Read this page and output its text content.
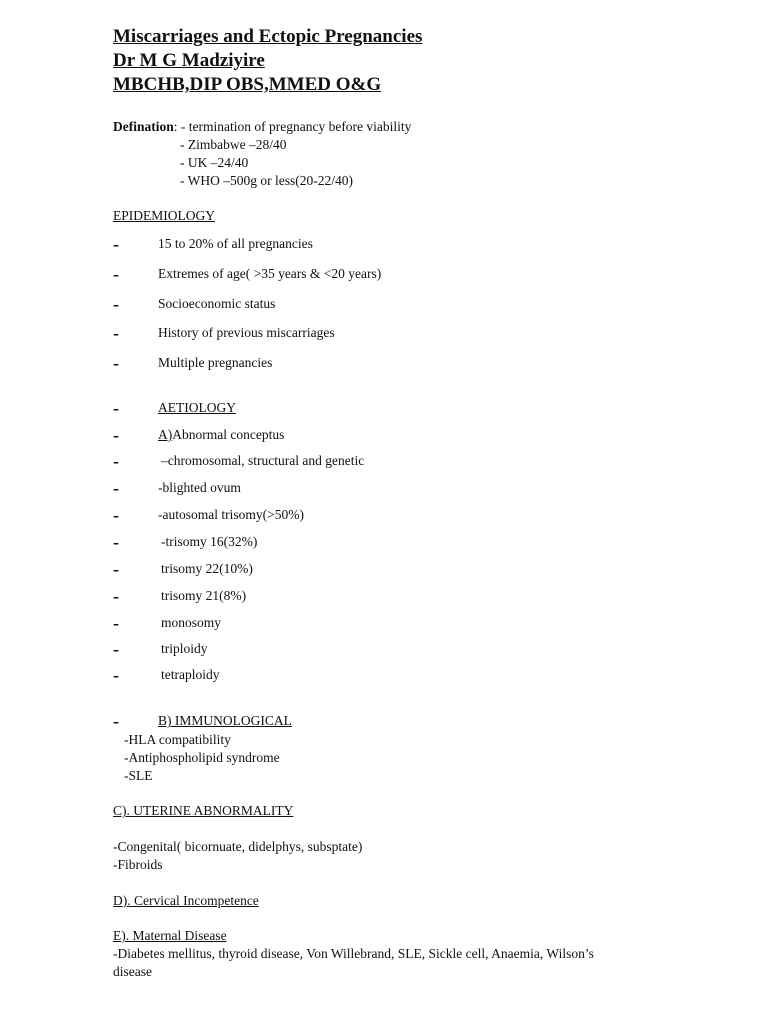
Miscarriages and Ectopic Pregnancies
Dr M G Madziyire
MBCHB,DIP OBS,MMED O&G
Defination: - termination of pregnancy before viability
- Zimbabwe –28/40
- UK –24/40
- WHO –500g or less(20-22/40)
EPIDEMIOLOGY
-	15 to 20% of all pregnancies
-	Extremes of age( >35 years & <20 years)
-	Socioeconomic status
-	History of previous miscarriages
-	Multiple pregnancies
-	AETIOLOGY
-	A)Abnormal conceptus
-	–chromosomal, structural and genetic
-	-blighted ovum
-	-autosomal trisomy(>50%)
-	-trisomy 16(32%)
-	trisomy 22(10%)
-	trisomy 21(8%)
-	monosomy
-	triploidy
-	tetraploidy
-	B) IMMUNOLOGICAL
-HLA compatibility
-Antiphospholipid syndrome
-SLE
C). UTERINE ABNORMALITY
-Congenital( bicornuate, didelphys, subsptate)
-Fibroids
D). Cervical Incompetence
E). Maternal Disease
-Diabetes mellitus, thyroid disease, Von Willebrand, SLE, Sickle cell, Anaemia, Wilson’s
disease
